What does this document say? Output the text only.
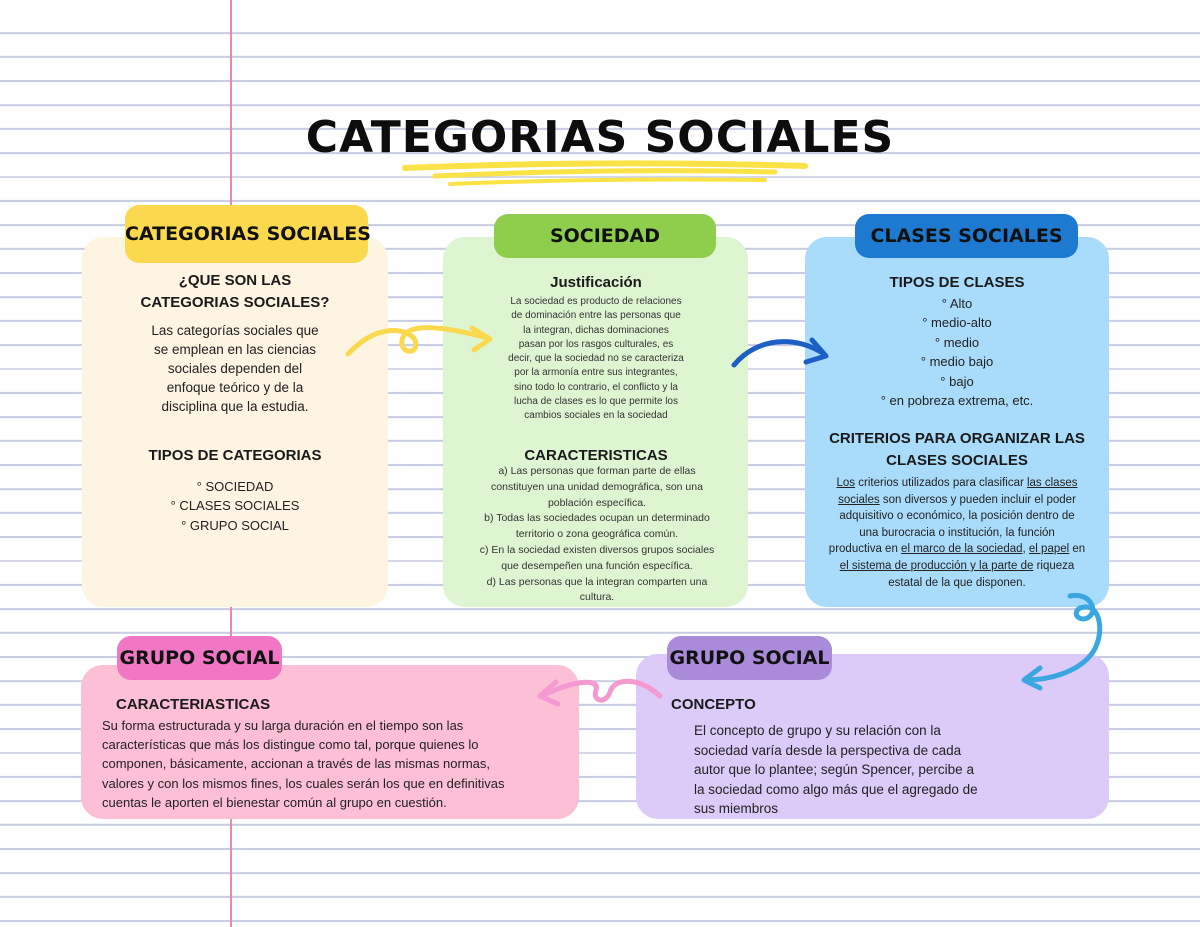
CATEGORIAS SOCIALES
CATEGORIAS SOCIALES	SOCIEDAD	CLASES SOCIALES
GRUPO SOCIAL	GRUPO SOCIAL
¿QUE SON LAS
CATEGORIAS SOCIALES?
Las categorías sociales que
se emplean en las ciencias
sociales dependen del
enfoque teórico y de la
disciplina que la estudia.
TIPOS DE CATEGORIAS
° SOCIEDAD
° CLASES SOCIALES
° GRUPO SOCIAL
Justificación
La sociedad es producto de relaciones
de dominación entre las personas que
la integran, dichas dominaciones
pasan por los rasgos culturales, es
decir, que la sociedad no se caracteriza
por la armonía entre sus integrantes,
sino todo lo contrario, el conflicto y la
lucha de clases es lo que permite los
cambios sociales en la sociedad
CARACTERISTICAS
a) Las personas que forman parte de ellas
constituyen una unidad demográfica, son una
población específica.
b) Todas las sociedades ocupan un determinado
territorio o zona geográfica común.
c) En la sociedad existen diversos grupos sociales
que desempeñen una función específica.
d) Las personas que la integran comparten una
cultura.
TIPOS DE CLASES
° Alto
° medio-alto
° medio
° medio bajo
° bajo
° en pobreza extrema, etc.
CRITERIOS PARA ORGANIZAR LAS
CLASES SOCIALES
Los criterios utilizados para clasificar las clases
sociales son diversos y pueden incluir el poder
adquisitivo o económico, la posición dentro de
una burocracia o institución, la función
productiva en el marco de la sociedad, el papel en
el sistema de producción y la parte de riqueza
estatal de la que disponen.
CARACTERIASTICAS
Su forma estructurada y su larga duración en el tiempo son las
características que más los distingue como tal, porque quienes lo
componen, básicamente, accionan a través de las mismas normas,
valores y con los mismos fines, los cuales serán los que en definitivas
cuentas le aporten el bienestar común al grupo en cuestión.
CONCEPTO
El concepto de grupo y su relación con la
sociedad varía desde la perspectiva de cada
autor que lo plantee; según Spencer, percibe a
la sociedad como algo más que el agregado de
sus miembros
